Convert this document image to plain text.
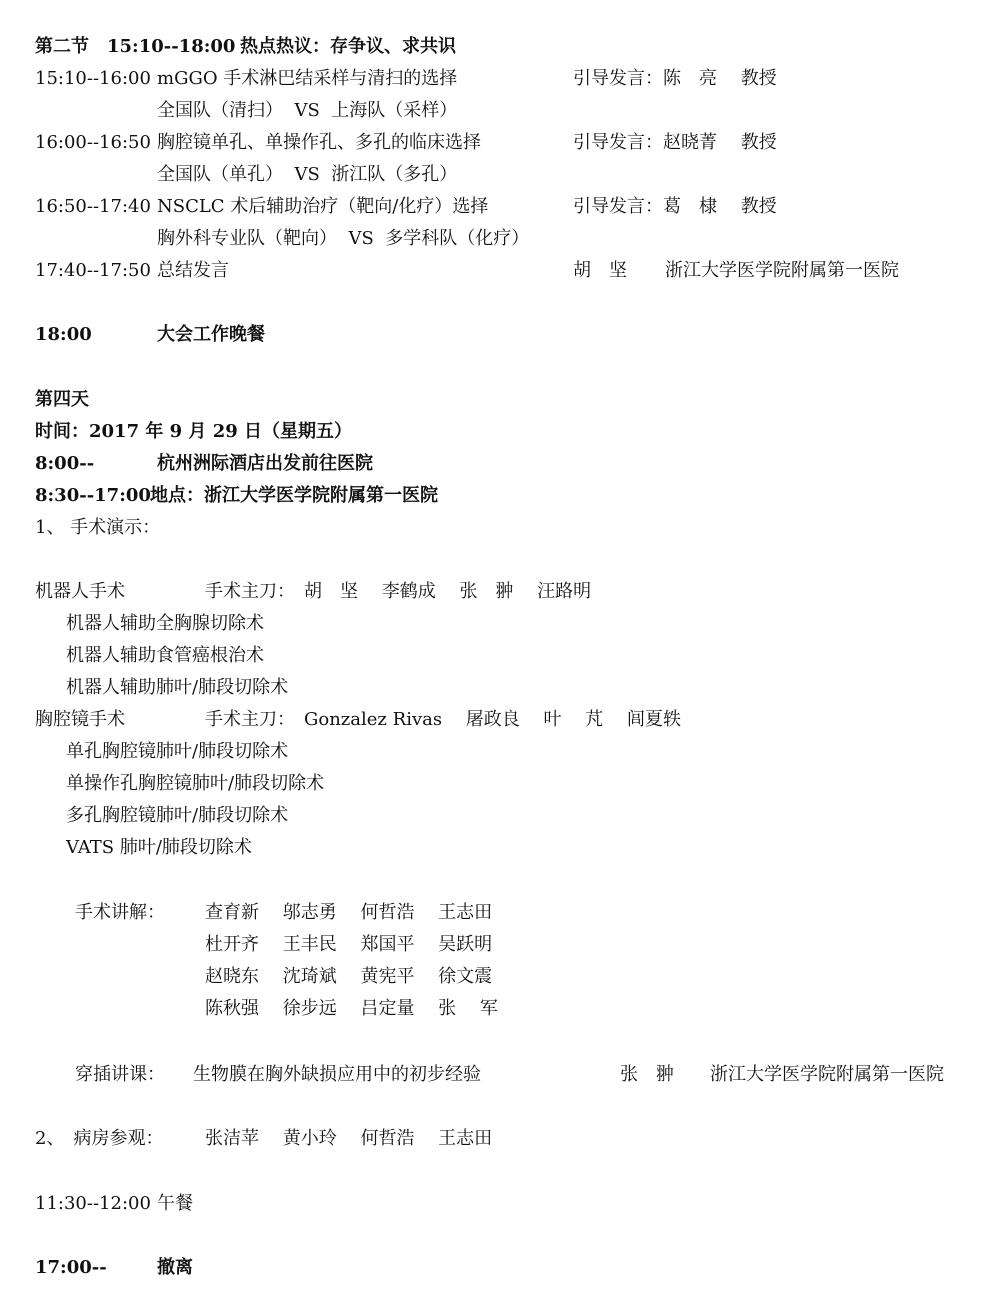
第二节　15:10--18:00 热点热议：存争议、求共识
15:10--16:00 mGGO 手术淋巴结采样与清扫的选择	引导发言：陈　亮　 教授
全国队（清扫）  VS  上海队（采样）
16:00--16:50 胸腔镜单孔、单操作孔、多孔的临床选择	引导发言：赵晓菁　 教授
全国队（单孔）  VS  浙江队（多孔）
16:50--17:40 NSCLC 术后辅助治疗（靶向/化疗）选择	引导发言：葛　棣　 教授
胸外科专业队（靶向）  VS  多学科队（化疗）
17:40--17:50 总结发言	胡　坚 浙江大学医学院附属第一医院
18:00	大会工作晚餐
第四天
时间：2017 年 9 月 29 日（星期五）
8:00--	杭州洲际酒店出发前往医院
8:30--17:00 地点：浙江大学医学院附属第一医院
1、 手术演示：
机器人手术	手术主刀：　胡　坚　 李鹤成　 张　翀　 汪路明
机器人辅助全胸腺切除术
机器人辅助食管癌根治术
机器人辅助肺叶/肺段切除术
胸腔镜手术	手术主刀：　Gonzalez Rivas　 屠政良　 叶　 芃　 闾夏轶
单孔胸腔镜肺叶/肺段切除术
单操作孔胸腔镜肺叶/肺段切除术
多孔胸腔镜肺叶/肺段切除术
VATS 肺叶/肺段切除术
手术讲解： 查育新　 邬志勇　 何哲浩　 王志田
杜开齐　 王丰民　 郑国平　 吴跃明
赵晓东　 沈琦斌　 黄宪平　 徐文震
陈秋强　 徐步远　 吕定量　 张　 军
穿插讲课： 生物膜在胸外缺损应用中的初步经验	张　翀 浙江大学医学院附属第一医院
2、　病房参观： 张洁苹　 黄小玲　 何哲浩　 王志田
11:30--12:00 午餐
17:00--	撤离
